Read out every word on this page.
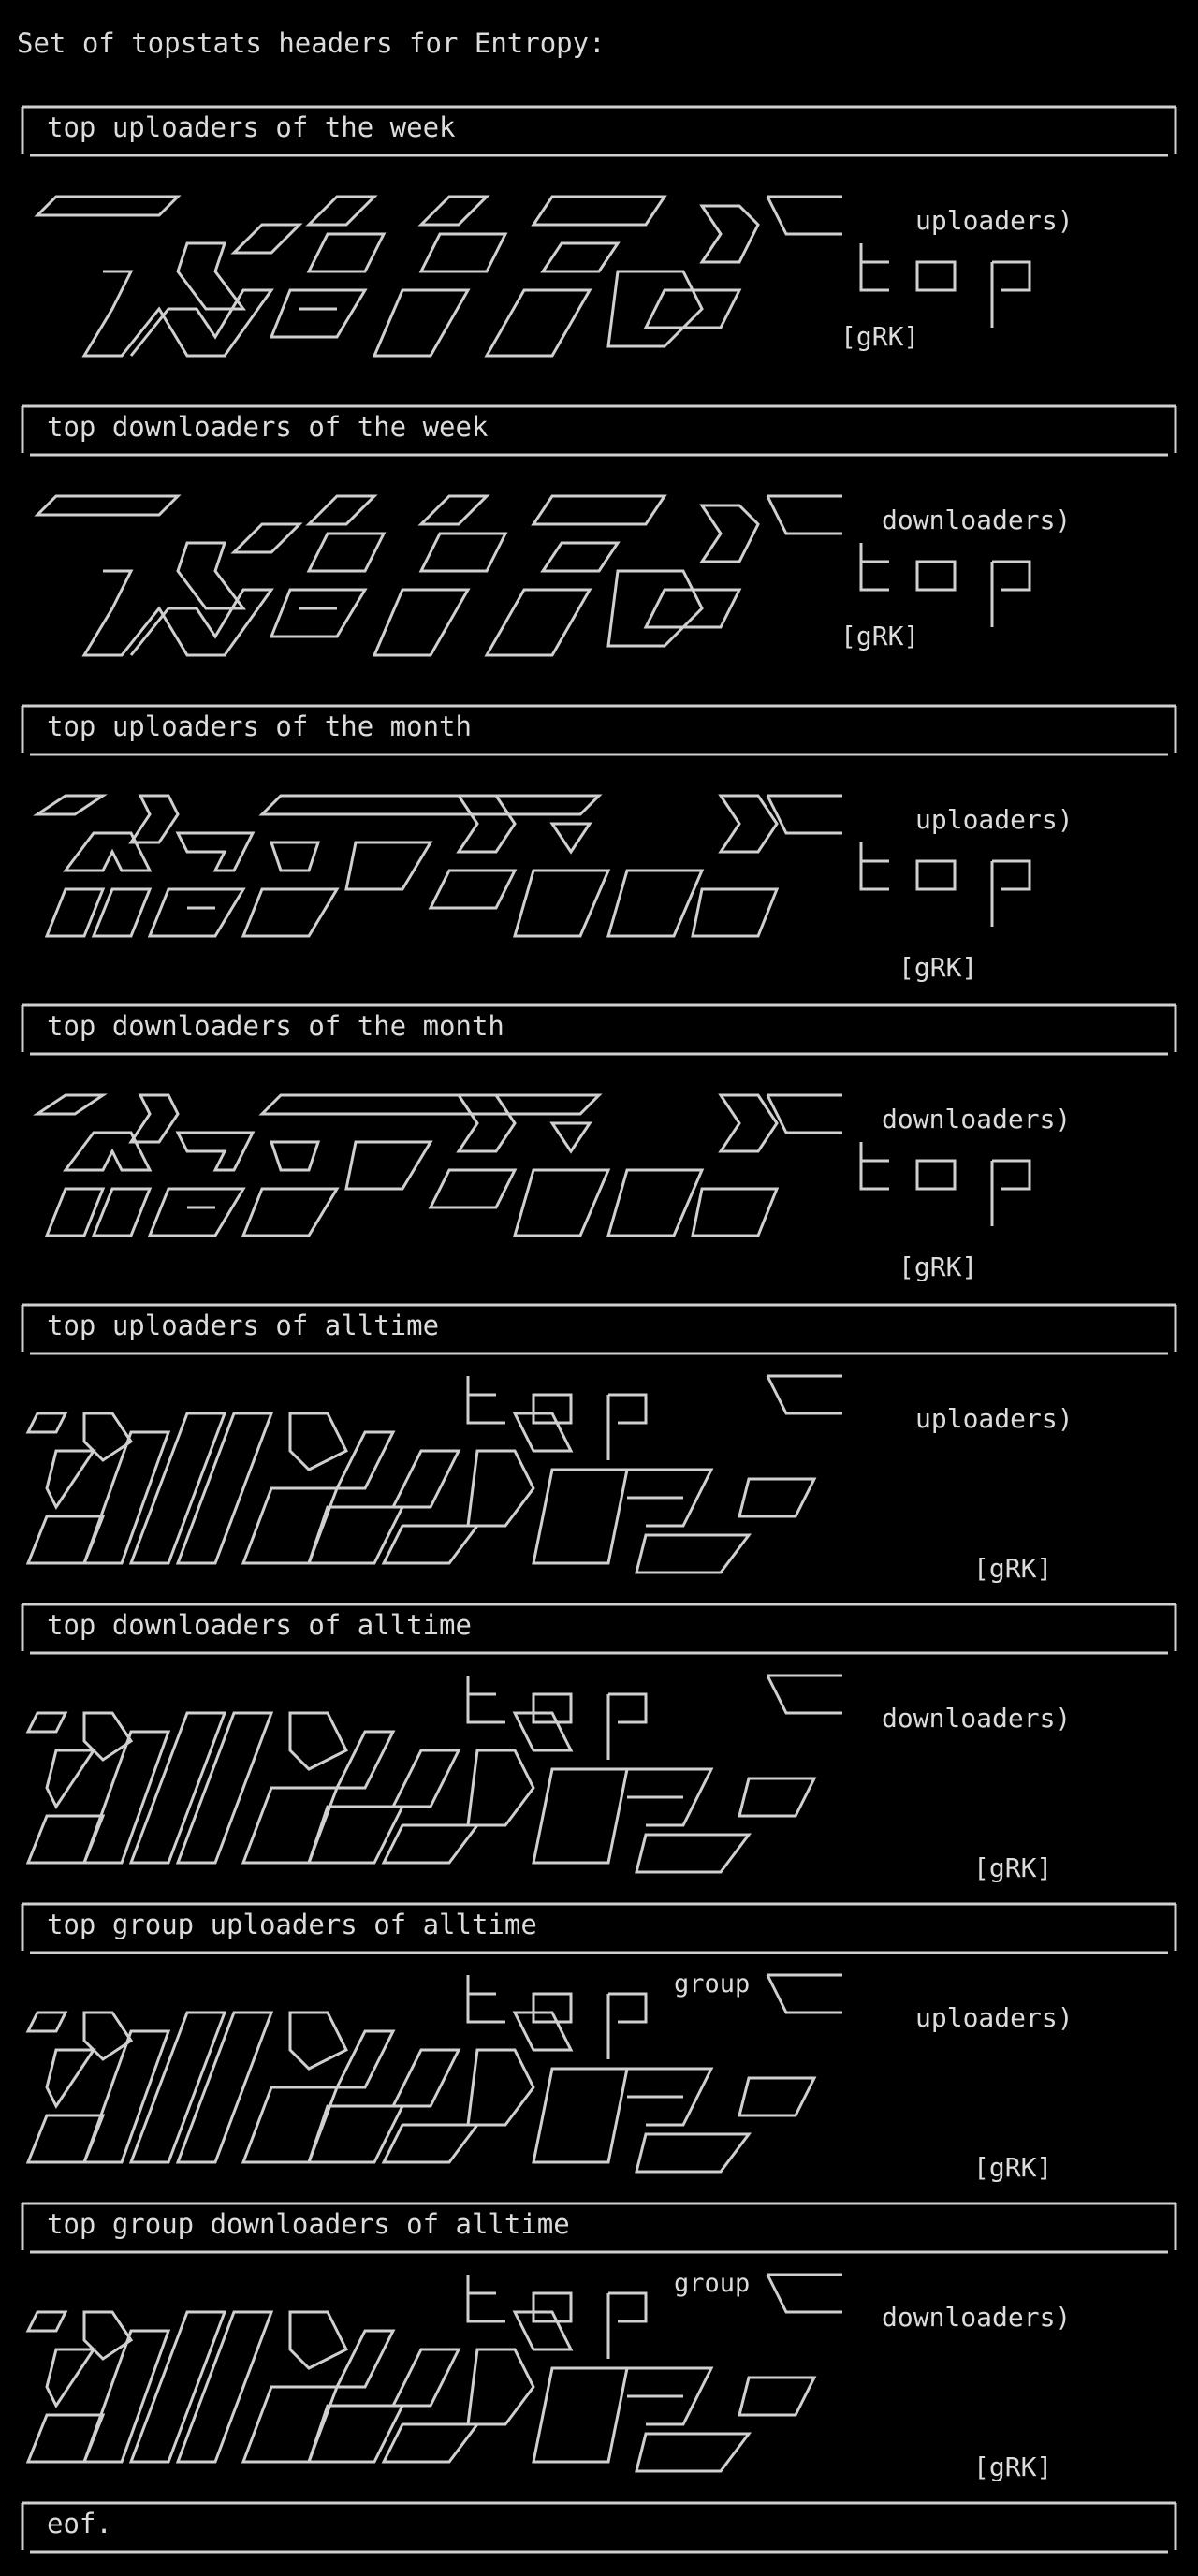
Set of topstats headers for Entropy:
top uploaders of the week
uploaders)
[gRK]
top downloaders of the week
downloaders)
[gRK]
top uploaders of the month
uploaders)
[gRK]
top downloaders of the month
downloaders)
[gRK]
top uploaders of alltime
uploaders)
[gRK]
top downloaders of alltime
downloaders)
[gRK]
top group uploaders of alltime
group
uploaders)
[gRK]
top group downloaders of alltime
group
downloaders)
[gRK]
eof.
